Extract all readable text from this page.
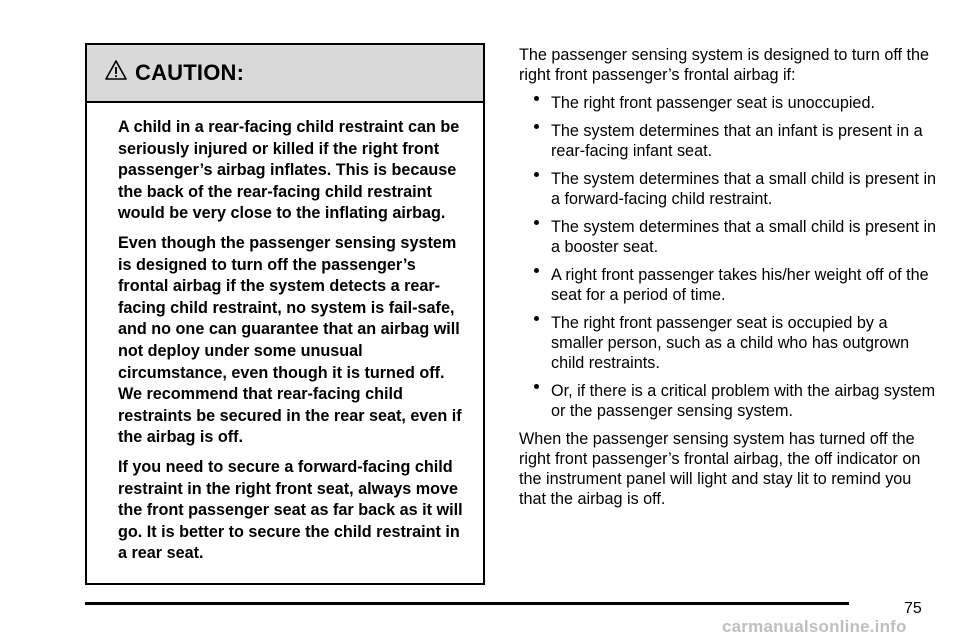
CAUTION:

A child in a rear-facing child restraint can be seriously injured or killed if the right front passenger’s airbag inflates. This is because the back of the rear-facing child restraint would be very close to the inflating airbag.

Even though the passenger sensing system is designed to turn off the passenger’s frontal airbag if the system detects a rear-facing child restraint, no system is fail-safe, and no one can guarantee that an airbag will not deploy under some unusual circumstance, even though it is turned off. We recommend that rear-facing child restraints be secured in the rear seat, even if the airbag is off.

If you need to secure a forward-facing child restraint in the right front seat, always move the front passenger seat as far back as it will go. It is better to secure the child restraint in a rear seat.

The passenger sensing system is designed to turn off the right front passenger’s frontal airbag if:

The right front passenger seat is unoccupied.
The system determines that an infant is present in a rear-facing infant seat.
The system determines that a small child is present in a forward-facing child restraint.
The system determines that a small child is present in a booster seat.
A right front passenger takes his/her weight off of the seat for a period of time.
The right front passenger seat is occupied by a smaller person, such as a child who has outgrown child restraints.
Or, if there is a critical problem with the airbag system or the passenger sensing system.

When the passenger sensing system has turned off the right front passenger’s frontal airbag, the off indicator on the instrument panel will light and stay lit to remind you that the airbag is off.

75
carmanualsonline.info
